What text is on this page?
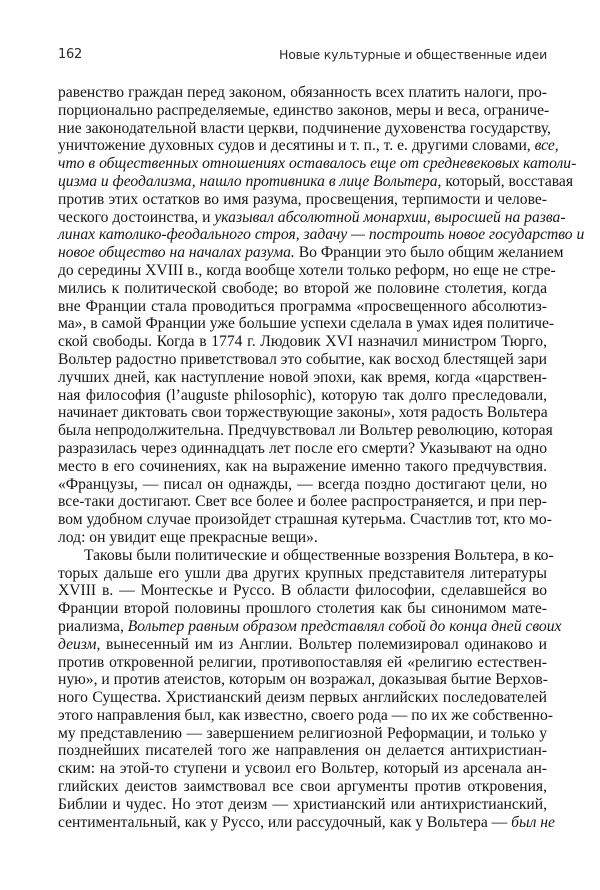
162	Новые культурные и общественные идеи
равенство граждан перед законом, обязанность всех платить налоги, про-
порционально распределяемые, единство законов, меры и веса, ограниче-
ние законодательной власти церкви, подчинение духовенства государству,
уничтожение духовных судов и десятины и т. п., т. е. другими словами, все,
что в общественных отношениях оставалось еще от средневековых католи-
цизма и феодализма, нашло противника в лице Вольтера, который, восставая
против этих остатков во имя разума, просвещения, терпимости и челове-
ческого достоинства, и указывал абсолютной монархии, выросшей на разва-
линах католико-феодального строя, задачу — построить новое государство и
новое общество на началах разума. Во Франции это было общим желанием
до середины XVIII в., когда вообще хотели только реформ, но еще не стре-
мились к политической свободе; во второй же половине столетия, когда
вне Франции стала проводиться программа «просвещенного абсолютиз-
ма», в самой Франции уже большие успехи сделала в умах идея политиче-
ской свободы. Когда в 1774 г. Людовик XVI назначил министром Тюрго,
Вольтер радостно приветствовал это событие, как восход блестящей зари
лучших дней, как наступление новой эпохи, как время, когда «царствен-
ная философия (l’auguste philosophic), которую так долго преследовали,
начинает диктовать свои торжествующие законы», хотя радость Вольтера
была непродолжительна. Предчувствовал ли Вольтер революцию, которая
разразилась через одиннадцать лет после его смерти? Указывают на одно
место в его сочинениях, как на выражение именно такого предчувствия.
«Французы, — писал он однажды, — всегда поздно достигают цели, но
все-таки достигают. Свет все более и более распространяется, и при пер-
вом удобном случае произойдет страшная кутерьма. Счастлив тот, кто мо-
лод: он увидит еще прекрасные вещи».
Таковы были политические и общественные воззрения Вольтера, в ко-
торых дальше его ушли два других крупных представителя литературы
XVIII в. — Монтескье и Руссо. В области философии, сделавшейся во
Франции второй половины прошлого столетия как бы синонимом мате-
риализма, Вольтер равным образом представлял собой до конца дней своих
деизм, вынесенный им из Англии. Вольтер полемизировал одинаково и
против откровенной религии, противопоставляя ей «религию естествен-
ную», и против атеистов, которым он возражал, доказывая бытие Верхов-
ного Существа. Христианский деизм первых английских последователей
этого направления был, как известно, своего рода — по их же собственно-
му представлению — завершением религиозной Реформации, и только у
позднейших писателей того же направления он делается антихристиан-
ским: на этой-то ступени и усвоил его Вольтер, который из арсенала ан-
глийских деистов заимствовал все свои аргументы против откровения,
Библии и чудес. Но этот деизм — христианский или антихристианский,
сентиментальный, как у Руссо, или рассудочный, как у Вольтера — был не
